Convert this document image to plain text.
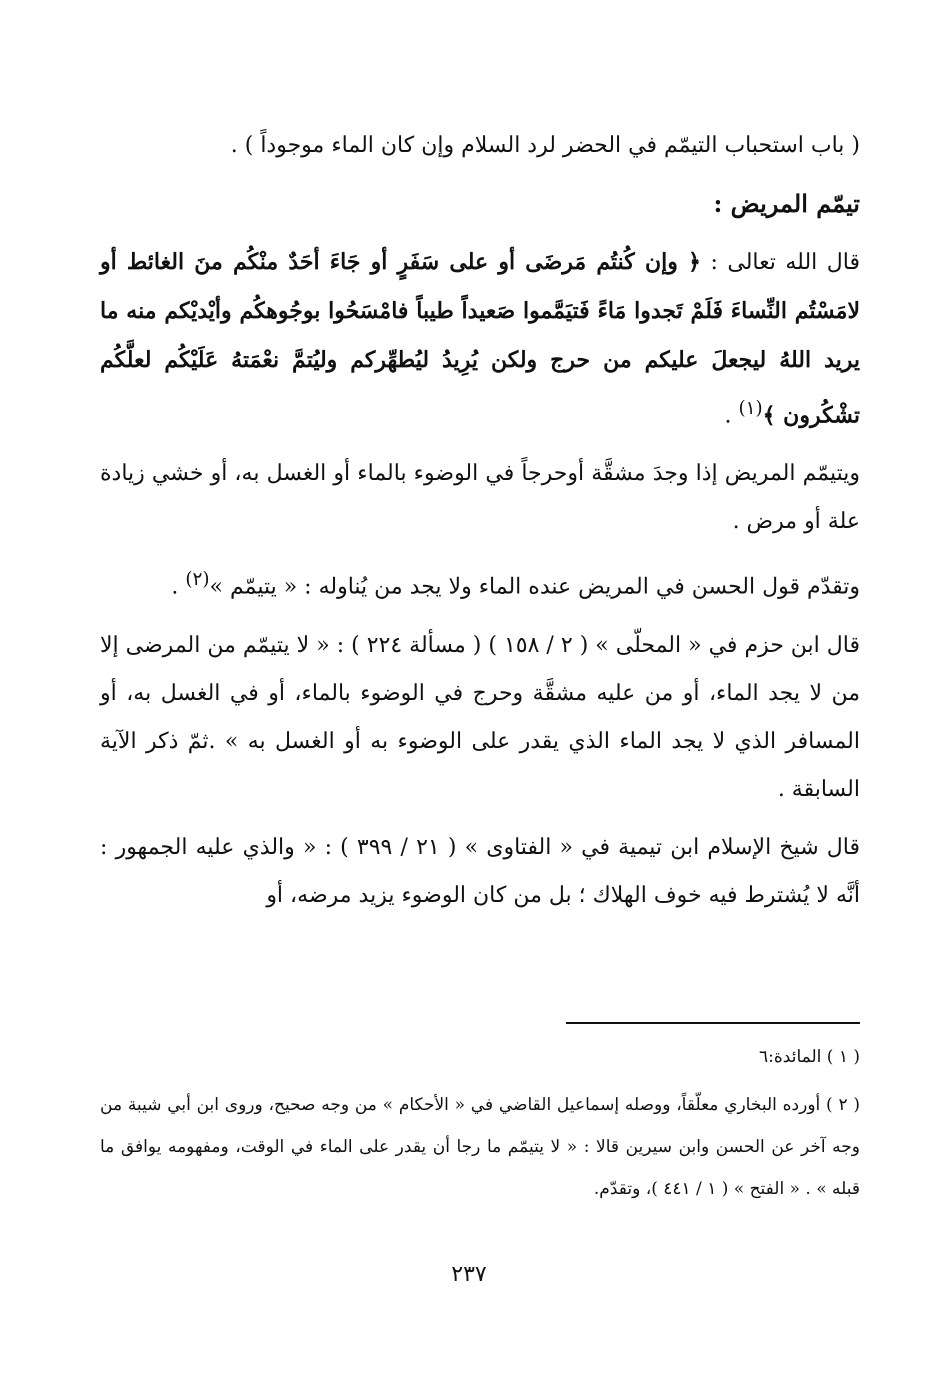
( باب استحباب التيمّم في الحضر لرد السلام وإن كان الماء موجوداً ) .

تيمّم المريض :

قال الله تعالى : ﴿ وإن كُنتُم مَرضَى أو على سَفَرٍ أو جَاءَ أحَدٌ منْكُم منَ الغائط أو لامَسْتُم النِّساءَ فَلَمْ تَجدوا مَاءً فَتيَمَّموا صَعيداً طيباً فامْسَحُوا بوجُوهكُم وأيْديْكم منه ما يريد اللهُ ليجعلَ عليكم من حرج ولكن يُرِيدُ ليُطهِّركم وليُتمَّ نعْمَتهُ عَلَيْكُم لعلَّكُم تشْكُرون ﴾$^{(١)}$ .

ويتيمّم المريض إذا وجدَ مشقَّة أوحرجاً في الوضوء بالماء أو الغسل به، أو خشي زيادة علة أو مرض .

وتقدّم قول الحسن في المريض عنده الماء ولا يجد من يُناوله : « يتيمّم »$^{(٢)}$ .

قال ابن حزم في « المحلّى » ( ٢ / ١٥٨ ) ( مسألة ٢٢٤ ) : « لا يتيمّم من المرضى إلا من لا يجد الماء، أو من عليه مشقَّة وحرج في الوضوء بالماء، أو في الغسل به، أو المسافر الذي لا يجد الماء الذي يقدر على الوضوء به أو الغسل به » .ثمّ ذكر الآية السابقة .

قال شيخ الإسلام ابن تيمية في « الفتاوى » ( ٢١ / ٣٩٩ ) : « والذي عليه الجمهور : أنَّه لا يُشترط فيه خوف الهلاك ؛ بل من كان الوضوء يزيد مرضه، أو

( ١ ) المائدة:٦

( ٢ ) أورده البخاري معلّقاً، ووصله إسماعيل القاضي في « الأحكام » من وجه صحيح، وروى ابن أبي شيبة من وجه آخر عن الحسن وابن سيرين قالا : « لا يتيمّم ما رجا أن يقدر على الماء في الوقت، ومفهومه يوافق ما قبله » . « الفتح » ( ١ / ٤٤١ )، وتقدّم.

٢٣٧
